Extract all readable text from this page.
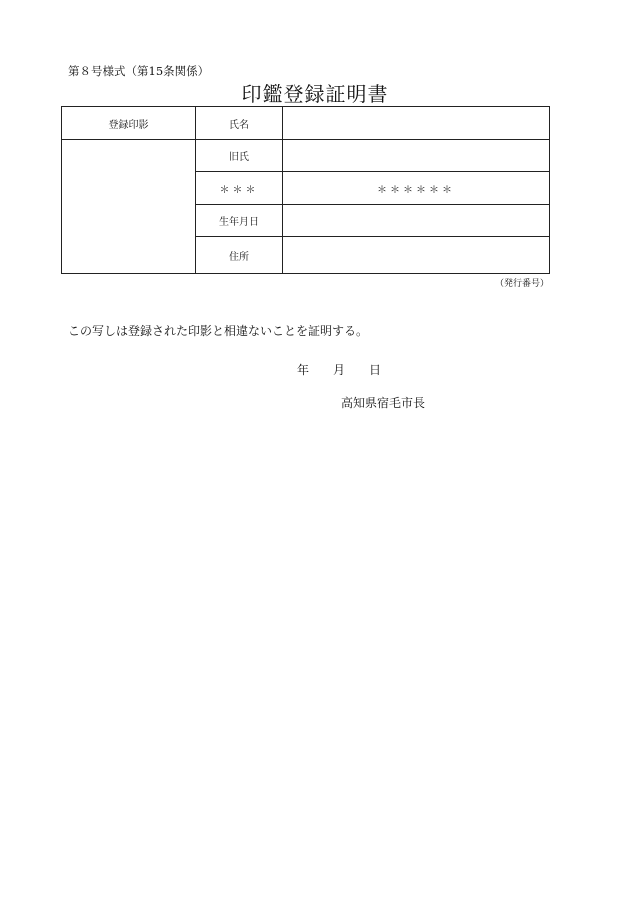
第８号様式（第15条関係）
印鑑登録証明書
登録印影	氏名	
	旧氏	
	＊＊＊	＊＊＊＊＊＊
	生年月日	
	住所	
（発行番号）
この写しは登録された印影と相違ないことを証明する。
年 月 日
高知県宿毛市長
